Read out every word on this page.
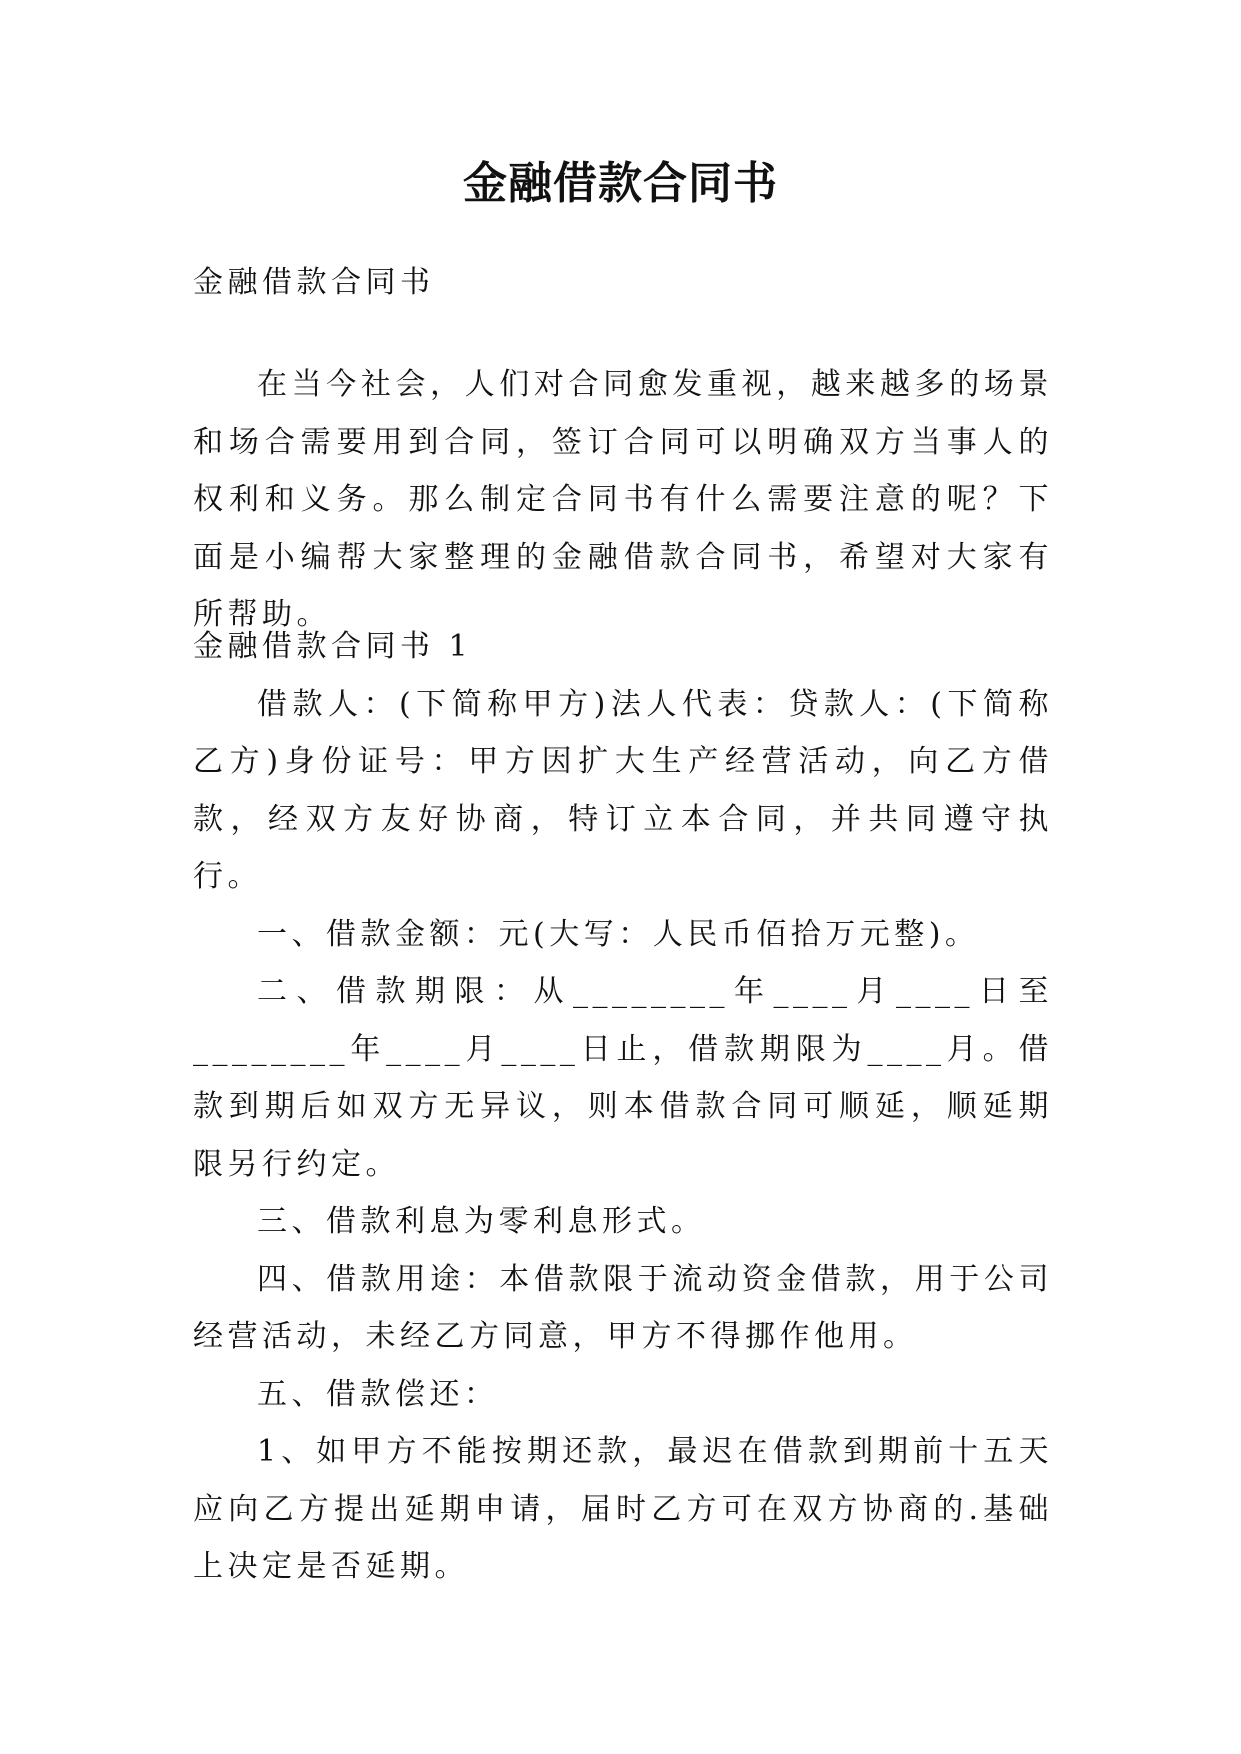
金融借款合同书

金融借款合同书

在当今社会，人们对合同愈发重视，越来越多的场景和场合需要用到合同，签订合同可以明确双方当事人的权利和义务。那么制定合同书有什么需要注意的呢？下面是小编帮大家整理的金融借款合同书，希望对大家有所帮助。

金融借款合同书 1

借款人：(下简称甲方)法人代表：贷款人：(下简称乙方)身份证号：甲方因扩大生产经营活动，向乙方借款，经双方友好协商，特订立本合同，并共同遵守执行。

一、借款金额：元(大写：人民币佰拾万元整)。

二、借款期限：从________年____月____日至________年____月____日止，借款期限为____月。借款到期后如双方无异议，则本借款合同可顺延，顺延期限另行约定。

三、借款利息为零利息形式。

四、借款用途：本借款限于流动资金借款，用于公司经营活动，未经乙方同意，甲方不得挪作他用。

五、借款偿还：

1、如甲方不能按期还款，最迟在借款到期前十五天应向乙方提出延期申请，届时乙方可在双方协商的.基础上决定是否延期。
